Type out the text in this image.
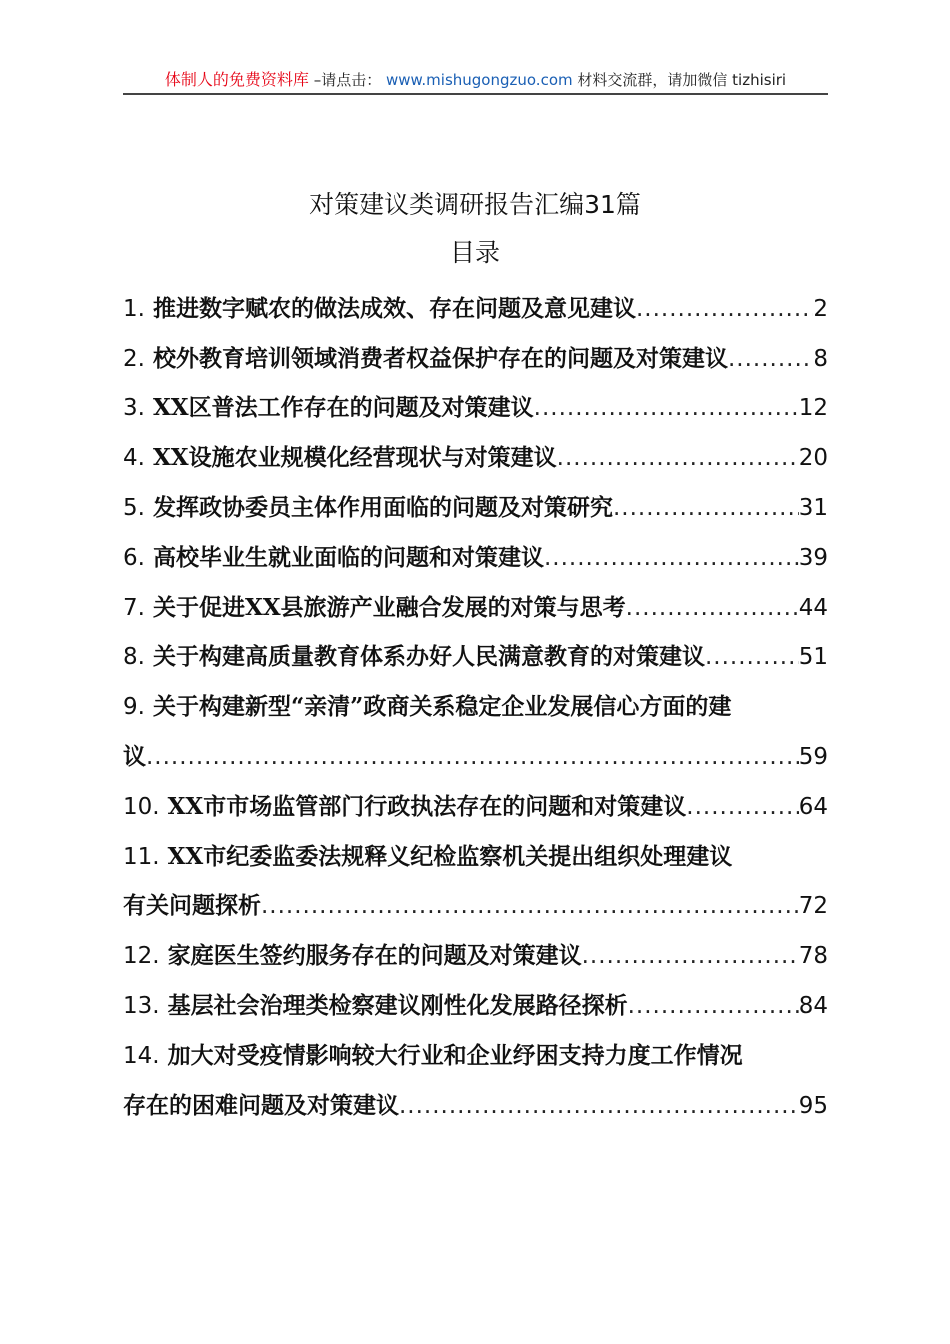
体制人的免费资料库 –请点击： www.mishugongzuo.com 材料交流群，请加微信 tizhisiri
对策建议类调研报告汇编31篇
目录
1. 推进数字赋农的做法成效、存在问题及意见建议 .....	2
2. 校外教育培训领域消费者权益保护存在的问题及对策建议 .....	8
3. XX区普法工作存在的问题及对策建议 .....	12
4. XX设施农业规模化经营现状与对策建议 .....	20
5. 发挥政协委员主体作用面临的问题及对策研究 .....	31
6. 高校毕业生就业面临的问题和对策建议 .....	39
7. 关于促进XX县旅游产业融合发展的对策与思考 .....	44
8. 关于构建高质量教育体系办好人民满意教育的对策建议 .....	51
9. 关于构建新型“亲清”政商关系稳定企业发展信心方面的建
议 .....	59
10. XX市市场监管部门行政执法存在的问题和对策建议 .....	64
11. XX市纪委监委法规释义纪检监察机关提出组织处理建议
有关问题探析 .....	72
12. 家庭医生签约服务存在的问题及对策建议 .....	78
13. 基层社会治理类检察建议刚性化发展路径探析 .....	84
14. 加大对受疫情影响较大行业和企业纾困支持力度工作情况
存在的困难问题及对策建议 .....	95
